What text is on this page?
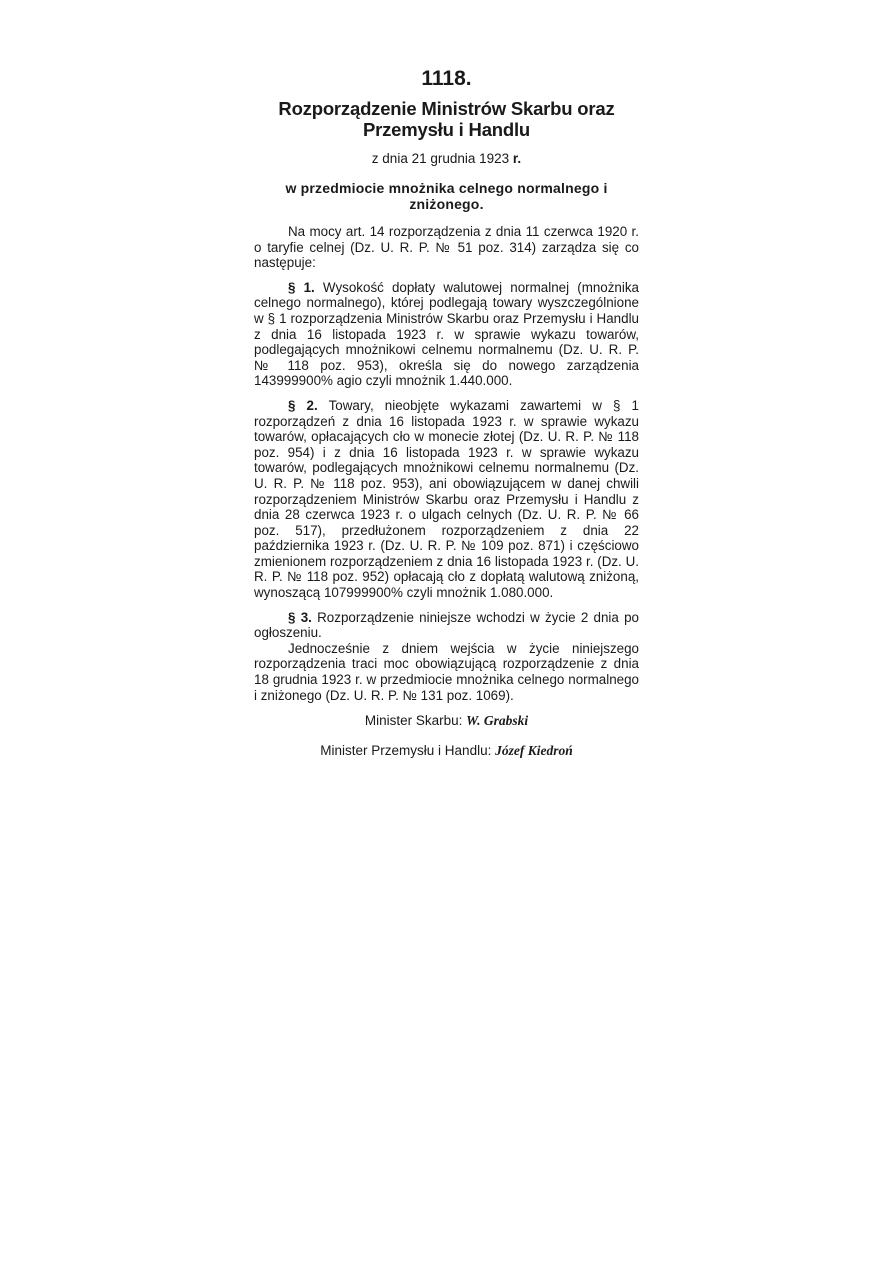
1118.
Rozporządzenie Ministrów Skarbu oraz Przemysłu i Handlu
z dnia 21 grudnia 1923 r.
w przedmiocie mnożnika celnego normalnego i zniżonego.

Na mocy art. 14 rozporządzenia z dnia 11 czerwca 1920 r. o taryfie celnej (Dz. U. R. P. № 51 poz. 314) zarządza się co następuje:

§ 1. Wysokość dopłaty walutowej normalnej (mnożnika celnego normalnego), której podlegają towary wyszczególnione w § 1 rozporządzenia Ministrów Skarbu oraz Przemysłu i Handlu z dnia 16 listopada 1923 r. w sprawie wykazu towarów, podlegających mnożnikowi celnemu normalnemu (Dz. U. R. P. № 118 poz. 953), określa się do nowego zarządzenia 143999900% agio czyli mnożnik 1.440.000.

§ 2. Towary, nieobjęte wykazami zawartemi w § 1 rozporządzeń z dnia 16 listopada 1923 r. w sprawie wykazu towarów, opłacających cło w monecie złotej (Dz. U. R. P. № 118 poz. 954) i z dnia 16 listopada 1923 r. w sprawie wykazu towarów, podlegających mnożnikowi celnemu normalnemu (Dz. U. R. P. № 118 poz. 953), ani obowiązującem w danej chwili rozporządzeniem Ministrów Skarbu oraz Przemysłu i Handlu z dnia 28 czerwca 1923 r. o ulgach celnych (Dz. U. R. P. № 66 poz. 517), przedłużonem rozporządzeniem z dnia 22 października 1923 r. (Dz. U. R. P. № 109 poz. 871) i częściowo zmienionem rozporządzeniem z dnia 16 listopada 1923 r. (Dz. U. R. P. № 118 poz. 952) opłacają cło z dopłatą walutową zniżoną, wynoszącą 107999900% czyli mnożnik 1.080.000.

§ 3. Rozporządzenie niniejsze wchodzi w życie 2 dnia po ogłoszeniu.

Jednocześnie z dniem wejścia w życie niniejszego rozporządzenia traci moc obowiązującą rozporządzenie z dnia 18 grudnia 1923 r. w przedmiocie mnożnika celnego normalnego i zniżonego (Dz. U. R. P. № 131 poz. 1069).

Minister Skarbu: W. Grabski
Minister Przemysłu i Handlu: Józef Kiedroń
